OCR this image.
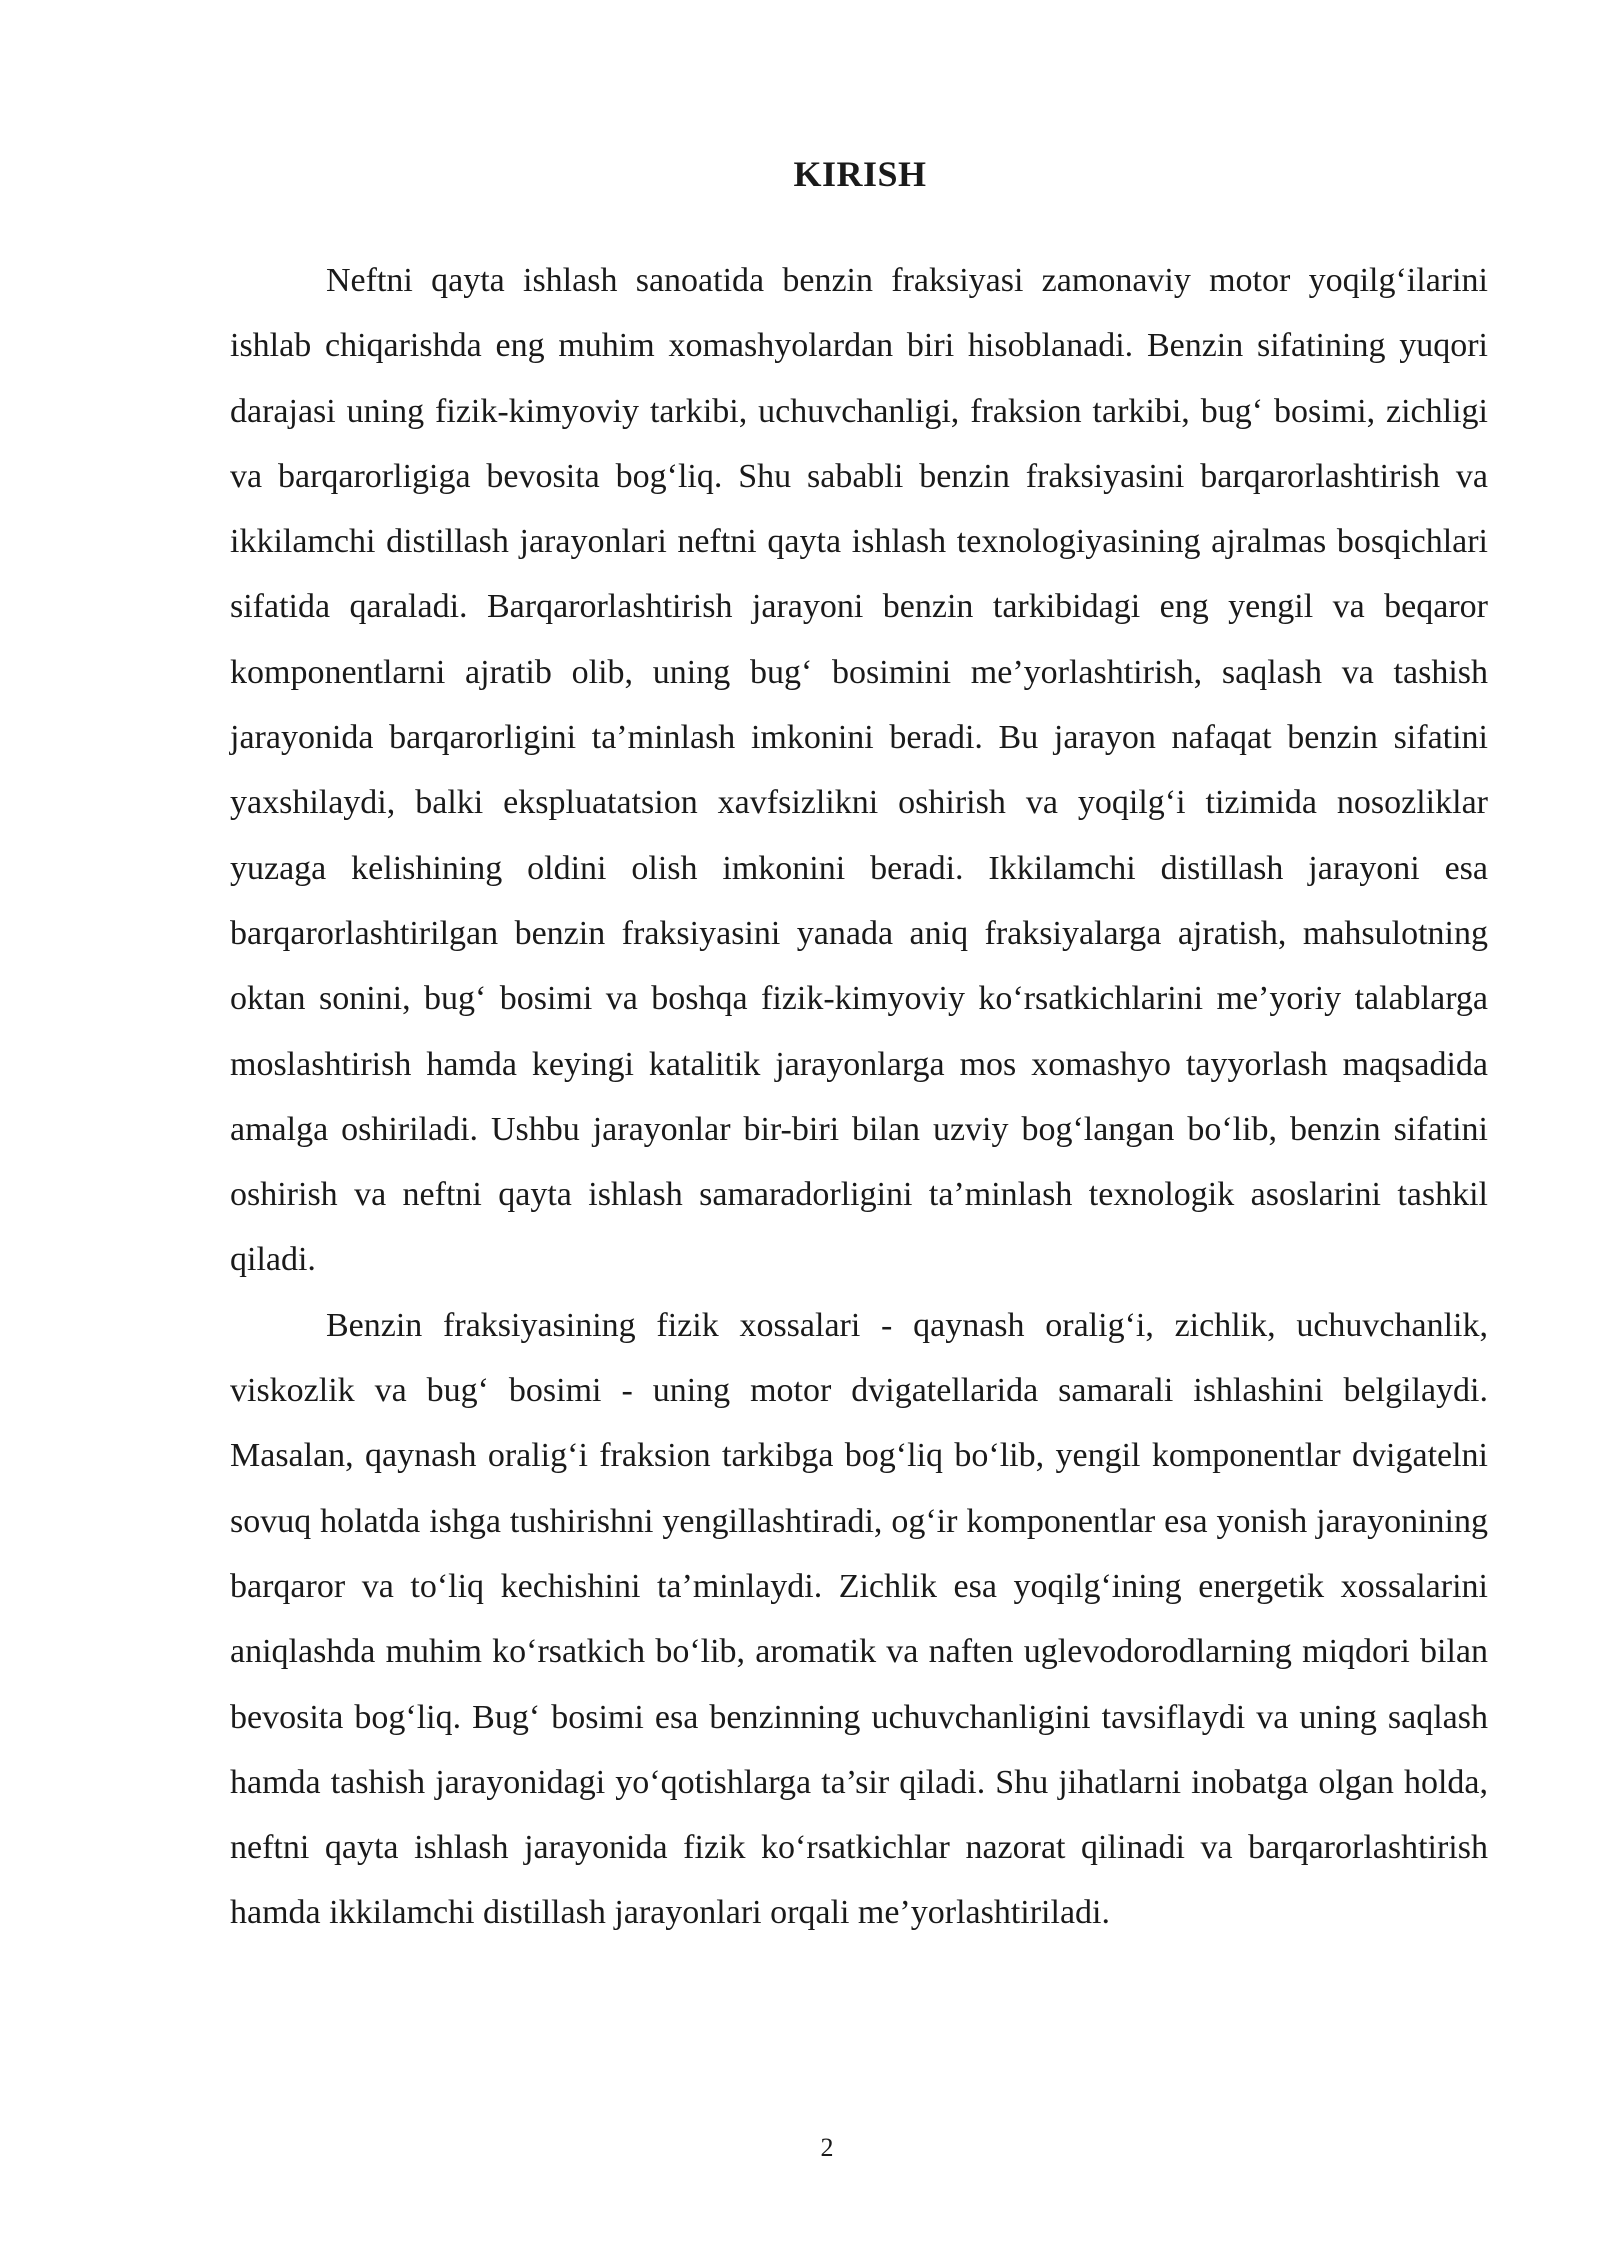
KIRISH

Neftni qayta ishlash sanoatida benzin fraksiyasi zamonaviy motor yoqilg‘ilarini ishlab chiqarishda eng muhim xomashyolardan biri hisoblanadi. Benzin sifatining yuqori darajasi uning fizik-kimyoviy tarkibi, uchuvchanligi, fraksion tarkibi, bug‘ bosimi, zichligi va barqarorligiga bevosita bog‘liq. Shu sababli benzin fraksiyasini barqarorlashtirish va ikkilamchi distillash jarayonlari neftni qayta ishlash texnologiyasining ajralmas bosqichlari sifatida qaraladi. Barqarorlashtirish jarayoni benzin tarkibidagi eng yengil va beqaror komponentlarni ajratib olib, uning bug‘ bosimini me’yorlashtirish, saqlash va tashish jarayonida barqarorligini ta’minlash imkonini beradi. Bu jarayon nafaqat benzin sifatini yaxshilaydi, balki ekspluatatsion xavfsizlikni oshirish va yoqilg‘i tizimida nosozliklar yuzaga kelishining oldini olish imkonini beradi. Ikkilamchi distillash jarayoni esa barqarorlashtirilgan benzin fraksiyasini yanada aniq fraksiyalarga ajratish, mahsulotning oktan sonini, bug‘ bosimi va boshqa fizik-kimyoviy ko‘rsatkichlarini me’yoriy talablarga moslashtirish hamda keyingi katalitik jarayonlarga mos xomashyo tayyorlash maqsadida amalga oshiriladi. Ushbu jarayonlar bir-biri bilan uzviy bog‘langan bo‘lib, benzin sifatini oshirish va neftni qayta ishlash samaradorligini ta’minlash texnologik asoslarini tashkil qiladi.

Benzin fraksiyasining fizik xossalari - qaynash oralig‘i, zichlik, uchuvchanlik, viskozlik va bug‘ bosimi - uning motor dvigatellarida samarali ishlashini belgilaydi. Masalan, qaynash oralig‘i fraksion tarkibga bog‘liq bo‘lib, yengil komponentlar dvigatelni sovuq holatda ishga tushirishni yengillashtiradi, og‘ir komponentlar esa yonish jarayonining barqaror va to‘liq kechishini ta’minlaydi. Zichlik esa yoqilg‘ining energetik xossalarini aniqlashda muhim ko‘rsatkich bo‘lib, aromatik va naften uglevodorodlarning miqdori bilan bevosita bog‘liq. Bug‘ bosimi esa benzinning uchuvchanligini tavsiflaydi va uning saqlash hamda tashish jarayonidagi yo‘qotishlarga ta’sir qiladi. Shu jihatlarni inobatga olgan holda, neftni qayta ishlash jarayonida fizik ko‘rsatkichlar nazorat qilinadi va barqarorlashtirish hamda ikkilamchi distillash jarayonlari orqali me’yorlashtiriladi.

2
